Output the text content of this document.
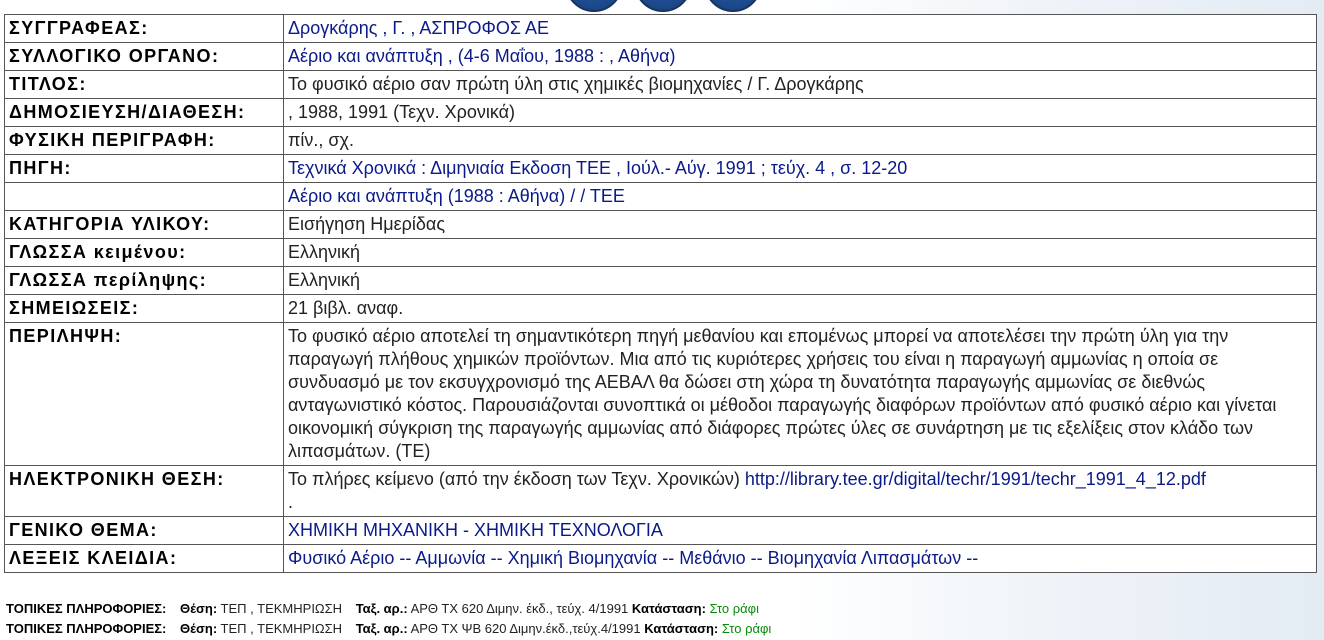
ΣΥΓΓΡΑΦΕΑΣ:	Δρογκάρης , Γ. , ΑΣΠΡΟΦΟΣ ΑΕ
ΣΥΛΛΟΓΙΚΟ ΟΡΓΑΝΟ:	Αέριο και ανάπτυξη , (4-6 Μαΐου, 1988 : , Αθήνα)
ΤΙΤΛΟΣ:	Το φυσικό αέριο σαν πρώτη ύλη στις χημικές βιομηχανίες / Γ. Δρογκάρης
ΔΗΜΟΣΙΕΥΣΗ/ΔΙΑΘΕΣΗ:	, 1988, 1991 (Τεχν. Χρονικά)
ΦΥΣΙΚΗ ΠΕΡΙΓΡΑΦΗ:	πίν., σχ.
ΠΗΓΗ:	Τεχνικά Χρονικά : Διμηνιαία Εκδοση ΤΕΕ , Ιούλ.- Αύγ. 1991 ; τεύχ. 4 , σ. 12-20
	Αέριο και ανάπτυξη (1988 : Αθήνα) / / ΤΕΕ
ΚΑΤΗΓΟΡΙΑ ΥΛΙΚΟΥ:	Εισήγηση Ημερίδας
ΓΛΩΣΣΑ κειμένου:	Ελληνική
ΓΛΩΣΣΑ περίληψης:	Ελληνική
ΣΗΜΕΙΩΣΕΙΣ:	21 βιβλ. αναφ.
ΠΕΡΙΛΗΨΗ:	Το φυσικό αέριο αποτελεί τη σημαντικότερη πηγή μεθανίου και επομένως μπορεί να αποτελέσει την πρώτη ύλη για την παραγωγή πλήθους χημικών προϊόντων. Μια από τις κυριότερες χρήσεις του είναι η παραγωγή αμμωνίας η οποία σε συνδυασμό με τον εκσυγχρονισμό της ΑΕΒΑΛ θα δώσει στη χώρα τη δυνατότητα παραγωγής αμμωνίας σε διεθνώς ανταγωνιστικό κόστος. Παρουσιάζονται συνοπτικά οι μέθοδοι παραγωγής διαφόρων προϊόντων από φυσικό αέριο και γίνεται οικονομική σύγκριση της παραγωγής αμμωνίας από διάφορες πρώτες ύλες σε συνάρτηση με τις εξελίξεις στον κλάδο των λιπασμάτων. (ΤΕ)
ΗΛΕΚΤΡΟΝΙΚΗ ΘΕΣΗ:	Το πλήρες κείμενο (από την έκδοση των Τεχν. Χρονικών) http://library.tee.gr/digital/techr/1991/techr_1991_4_12.pdf
.
ΓΕΝΙΚΟ ΘΕΜΑ:	ΧΗΜΙΚΗ ΜΗΧΑΝΙΚΗ - ΧΗΜΙΚΗ ΤΕΧΝΟΛΟΓΙΑ
ΛΕΞΕΙΣ ΚΛΕΙΔΙΑ:	Φυσικό Αέριο -- Αμμωνία -- Χημική Βιομηχανία -- Μεθάνιο -- Βιομηχανία Λιπασμάτων --
ΤΟΠΙΚΕΣ ΠΛΗΡΟΦΟΡΙΕΣ: Θέση: ΤΕΠ , ΤΕΚΜΗΡΙΩΣΗ Ταξ. αρ.: ΑΡΘ ΤΧ 620 Διμην. έκδ., τεύχ. 4/1991 Κατάσταση: Στο ράφι
ΤΟΠΙΚΕΣ ΠΛΗΡΟΦΟΡΙΕΣ: Θέση: ΤΕΠ , ΤΕΚΜΗΡΙΩΣΗ Ταξ. αρ.: ΑΡΘ ΤΧ ΨΒ 620 Διμην.έκδ.,τεύχ.4/1991 Κατάσταση: Στο ράφι
